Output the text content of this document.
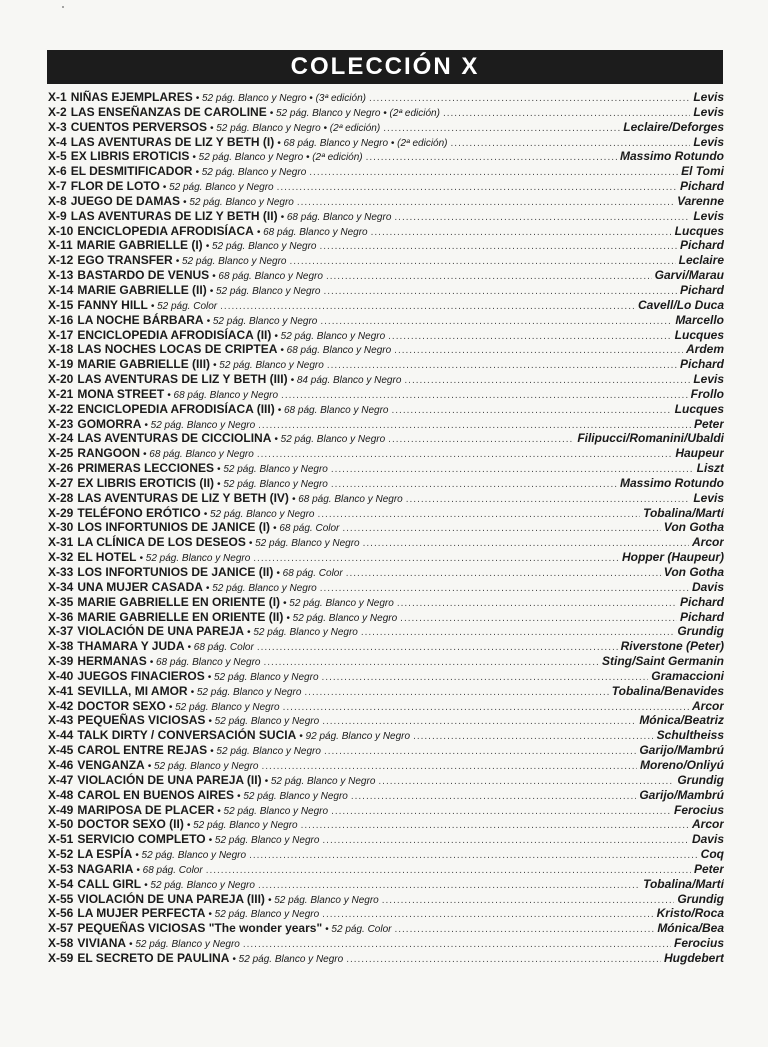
COLECCIÓN X
X-1 NIÑAS EJEMPLARES • 52 pág. Blanco y Negro • (3ª edición) .....	Levis
X-2 LAS ENSEÑANZAS DE CAROLINE • 52 pág. Blanco y Negro • (2ª edición) .....	Levis
X-3 CUENTOS PERVERSOS • 52 pág. Blanco y Negro • (2ª edición) .....	Leclaire/Deforges
X-4 LAS AVENTURAS DE LIZ Y BETH (I) • 68 pág. Blanco y Negro • (2ª edición) .....	Levis
X-5 EX LIBRIS EROTICIS • 52 pág. Blanco y Negro • (2ª edición) .....	Massimo Rotundo
X-6 EL DESMITIFICADOR • 52 pág. Blanco y Negro .....	El Tomi
X-7 FLOR DE LOTO • 52 pág. Blanco y Negro .....	Pichard
X-8 JUEGO DE DAMAS • 52 pág. Blanco y Negro .....	Varenne
X-9 LAS AVENTURAS DE LIZ Y BETH (II) • 68 pág. Blanco y Negro .....	Levis
X-10 ENCICLOPEDIA AFRODISÍACA • 68 pág. Blanco y Negro .....	Lucques
X-11 MARIE GABRIELLE (I) • 52 pág. Blanco y Negro .....	Pichard
X-12 EGO TRANSFER • 52 pág. Blanco y Negro .....	Leclaire
X-13 BASTARDO DE VENUS • 68 pág. Blanco y Negro .....	Garvi/Marau
X-14 MARIE GABRIELLE (II) • 52 pág. Blanco y Negro .....	Pichard
X-15 FANNY HILL • 52 pág. Color .....	Cavell/Lo Duca
X-16 LA NOCHE BÁRBARA • 52 pág. Blanco y Negro .....	Marcello
X-17 ENCICLOPEDIA AFRODISÍACA (II) • 52 pág. Blanco y Negro .....	Lucques
X-18 LAS NOCHES LOCAS DE CRIPTEA • 68 pág. Blanco y Negro .....	Ardem
X-19 MARIE GABRIELLE (III) • 52 pág. Blanco y Negro .....	Pichard
X-20 LAS AVENTURAS DE LIZ Y BETH (III) • 84 pág. Blanco y Negro .....	Levis
X-21 MONA STREET • 68 pág. Blanco y Negro .....	Frollo
X-22 ENCICLOPEDIA AFRODISÍACA (III) • 68 pág. Blanco y Negro .....	Lucques
X-23 GOMORRA • 52 pág. Blanco y Negro .....	Peter
X-24 LAS AVENTURAS DE CICCIOLINA • 52 pág. Blanco y Negro .....	Filipucci/Romanini/Ubaldi
X-25 RANGOON • 68 pág. Blanco y Negro .....	Haupeur
X-26 PRIMERAS LECCIONES • 52 pág. Blanco y Negro .....	Liszt
X-27 EX LIBRIS EROTICIS (II) • 52 pág. Blanco y Negro .....	Massimo Rotundo
X-28 LAS AVENTURAS DE LIZ Y BETH (IV) • 68 pág. Blanco y Negro .....	Levis
X-29 TELÉFONO ERÓTICO • 52 pág. Blanco y Negro .....	Tobalina/Martí
X-30 LOS INFORTUNIOS DE JANICE (I) • 68 pág. Color .....	Von Gotha
X-31 LA CLÍNICA DE LOS DESEOS • 52 pág. Blanco y Negro .....	Arcor
X-32 EL HOTEL • 52 pág. Blanco y Negro .....	Hopper (Haupeur)
X-33 LOS INFORTUNIOS DE JANICE (II) • 68 pág. Color .....	Von Gotha
X-34 UNA MUJER CASADA • 52 pág. Blanco y Negro .....	Davis
X-35 MARIE GABRIELLE EN ORIENTE (I) • 52 pág. Blanco y Negro .....	Pichard
X-36 MARIE GABRIELLE EN ORIENTE (II) • 52 pág. Blanco y Negro .....	Pichard
X-37 VIOLACIÓN DE UNA PAREJA • 52 pág. Blanco y Negro .....	Grundig
X-38 THAMARA Y JUDA • 68 pág. Color .....	Riverstone (Peter)
X-39 HERMANAS • 68 pág. Blanco y Negro .....	Sting/Saint Germanin
X-40 JUEGOS FINACIEROS • 52 pág. Blanco y Negro .....	Gramaccioni
X-41 SEVILLA, MI AMOR • 52 pág. Blanco y Negro .....	Tobalina/Benavides
X-42 DOCTOR SEXO • 52 pág. Blanco y Negro .....	Arcor
X-43 PEQUEÑAS VICIOSAS • 52 pág. Blanco y Negro .....	Mónica/Beatriz
X-44 TALK DIRTY / CONVERSACIÓN SUCIA • 92 pág. Blanco y Negro .....	Schultheiss
X-45 CAROL ENTRE REJAS • 52 pág. Blanco y Negro .....	Garijo/Mambrú
X-46 VENGANZA • 52 pág. Blanco y Negro .....	Moreno/Onliyú
X-47 VIOLACIÓN DE UNA PAREJA (II) • 52 pág. Blanco y Negro .....	Grundig
X-48 CAROL EN BUENOS AIRES • 52 pág. Blanco y Negro .....	Garijo/Mambrú
X-49 MARIPOSA DE PLACER • 52 pág. Blanco y Negro .....	Ferocius
X-50 DOCTOR SEXO (II) • 52 pág. Blanco y Negro .....	Arcor
X-51 SERVICIO COMPLETO • 52 pág. Blanco y Negro .....	Davis
X-52 LA ESPÍA • 52 pág. Blanco y Negro .....	Coq
X-53 NAGARIA • 68 pág. Color .....	Peter
X-54 CALL GIRL • 52 pág. Blanco y Negro .....	Tobalina/Martí
X-55 VIOLACIÓN DE UNA PAREJA (III) • 52 pág. Blanco y Negro .....	Grundig
X-56 LA MUJER PERFECTA • 52 pág. Blanco y Negro .....	Kristo/Roca
X-57 PEQUEÑAS VICIOSAS "The wonder years" • 52 pág. Color .....	Mónica/Bea
X-58 VIVIANA • 52 pág. Blanco y Negro .....	Ferocius
X-59 EL SECRETO DE PAULINA • 52 pág. Blanco y Negro .....	Hugdebert
